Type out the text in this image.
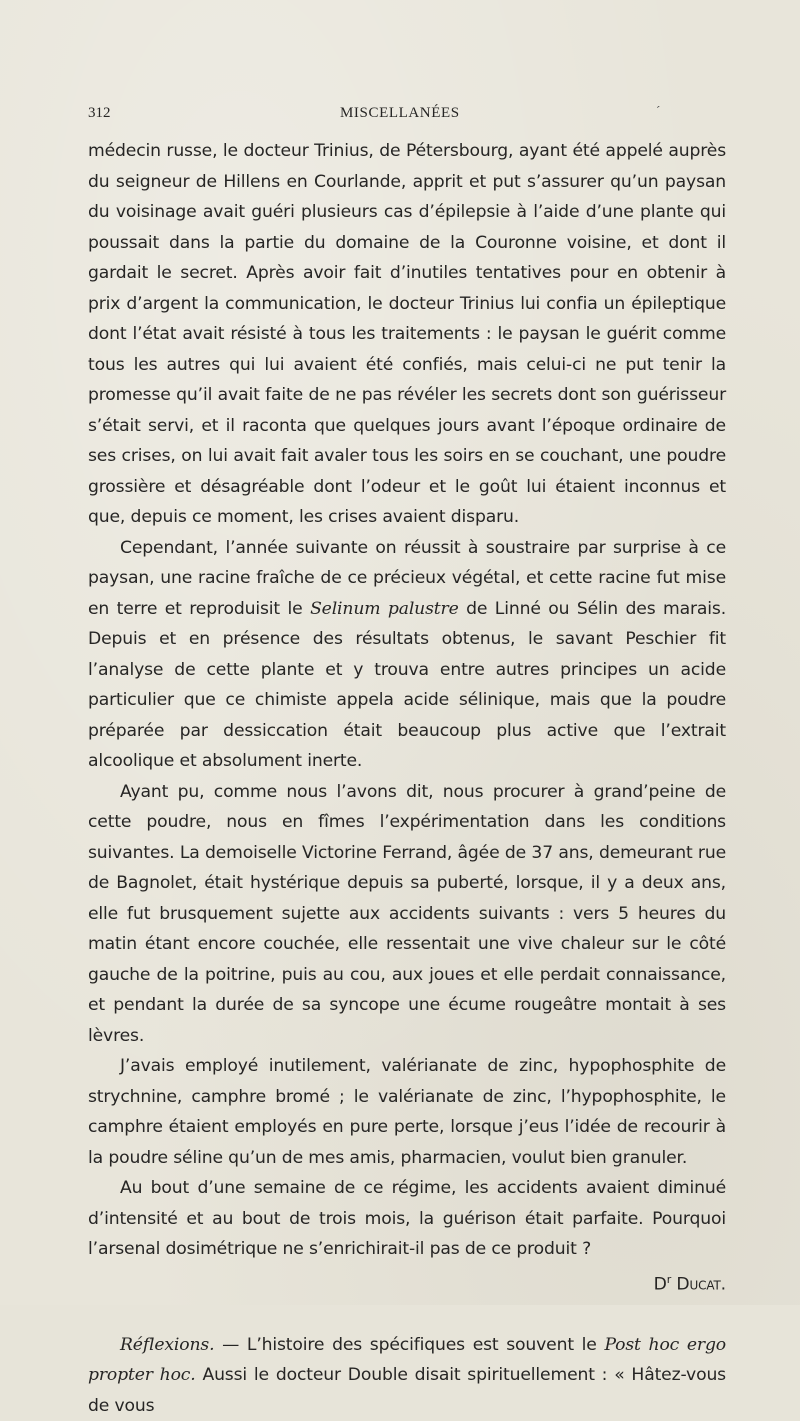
312	MISCELLANÉES	´

médecin russe, le docteur Trinius, de Pétersbourg, ayant été appelé auprès du seigneur de Hillens en Courlande, apprit et put s’assurer qu’un paysan du voisinage avait guéri plusieurs cas d’épilepsie à l’aide d’une plante qui poussait dans la partie du domaine de la Couronne voisine, et dont il gardait le secret. Après avoir fait d’inutiles tentatives pour en obtenir à prix d’argent la communication, le docteur Trinius lui confia un épileptique dont l’état avait résisté à tous les traitements : le paysan le guérit comme tous les autres qui lui avaient été confiés, mais celui-ci ne put tenir la promesse qu’il avait faite de ne pas révéler les secrets dont son guérisseur s’était servi, et il raconta que quelques jours avant l’époque ordinaire de ses crises, on lui avait fait avaler tous les soirs en se couchant, une poudre grossière et désagréable dont l’odeur et le goût lui étaient inconnus et que, depuis ce moment, les crises avaient disparu.

Cependant, l’année suivante on réussit à soustraire par surprise à ce paysan, une racine fraîche de ce précieux végétal, et cette racine fut mise en terre et reproduisit le Selinum palustre de Linné ou Sélin des marais. Depuis et en présence des résultats obtenus, le savant Peschier fit l’analyse de cette plante et y trouva entre autres principes un acide particulier que ce chimiste appela acide sélinique, mais que la poudre préparée par dessiccation était beaucoup plus active que l’extrait alcoolique et absolument inerte.

Ayant pu, comme nous l’avons dit, nous procurer à grand’peine de cette poudre, nous en fîmes l’expérimentation dans les conditions suivantes. La demoiselle Victorine Ferrand, âgée de 37 ans, demeurant rue de Bagnolet, était hystérique depuis sa puberté, lorsque, il y a deux ans, elle fut brusquement sujette aux accidents suivants : vers 5 heures du matin étant encore couchée, elle ressentait une vive chaleur sur le côté gauche de la poitrine, puis au cou, aux joues et elle perdait connaissance, et pendant la durée de sa syncope une écume rougeâtre montait à ses lèvres.

J’avais employé inutilement, valérianate de zinc, hypophosphite de strychnine, camphre bromé ; le valérianate de zinc, l’hypophosphite, le camphre étaient employés en pure perte, lorsque j’eus l’idée de recourir à la poudre séline qu’un de mes amis, pharmacien, voulut bien granuler.

Au bout d’une semaine de ce régime, les accidents avaient diminué d’intensité et au bout de trois mois, la guérison était parfaite. Pourquoi l’arsenal dosimétrique ne s’enrichirait-il pas de ce produit ?

$D^r$ Ducat.

Réflexions. — L’histoire des spécifiques est souvent le Post hoc ergo propter hoc. Aussi le docteur Double disait spirituellement : « Hâtez-vous de vous
